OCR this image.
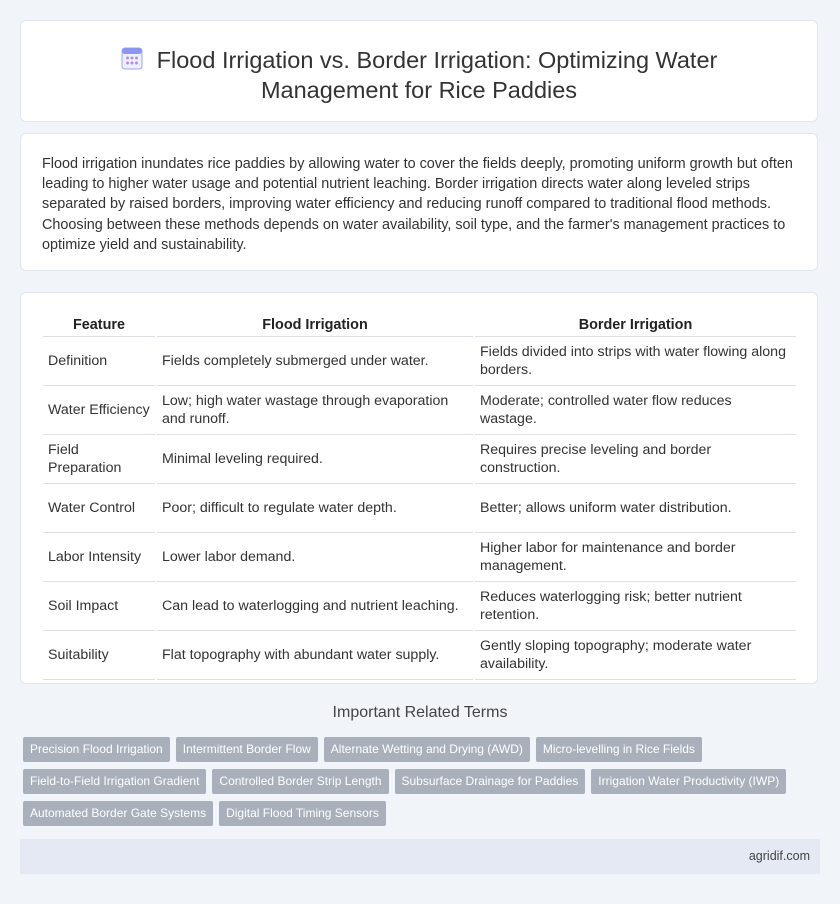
Flood Irrigation vs. Border Irrigation: Optimizing Water
Management for Rice Paddies

Flood irrigation inundates rice paddies by allowing water to cover the fields deeply, promoting uniform growth but often leading to higher water usage and potential nutrient leaching. Border irrigation directs water along leveled strips separated by raised borders, improving water efficiency and reducing runoff compared to traditional flood methods. Choosing between these methods depends on water availability, soil type, and the farmer's management practices to optimize yield and sustainability.

Feature	Flood Irrigation	Border Irrigation
Definition	Fields completely submerged under water.	Fields divided into strips with water flowing along borders.
Water Efficiency	Low; high water wastage through evaporation and runoff.	Moderate; controlled water flow reduces wastage.
Field Preparation	Minimal leveling required.	Requires precise leveling and border construction.
Water Control	Poor; difficult to regulate water depth.	Better; allows uniform water distribution.
Labor Intensity	Lower labor demand.	Higher labor for maintenance and border management.
Soil Impact	Can lead to waterlogging and nutrient leaching.	Reduces waterlogging risk; better nutrient retention.
Suitability	Flat topography with abundant water supply.	Gently sloping topography; moderate water availability.
Important Related Terms
Precision Flood Irrigation	Intermittent Border Flow	Alternate Wetting and Drying (AWD)	Micro-levelling in Rice Fields
Field-to-Field Irrigation Gradient	Controlled Border Strip Length	Subsurface Drainage for Paddies	Irrigation Water Productivity (IWP)
Automated Border Gate Systems	Digital Flood Timing Sensors
agridif.com
